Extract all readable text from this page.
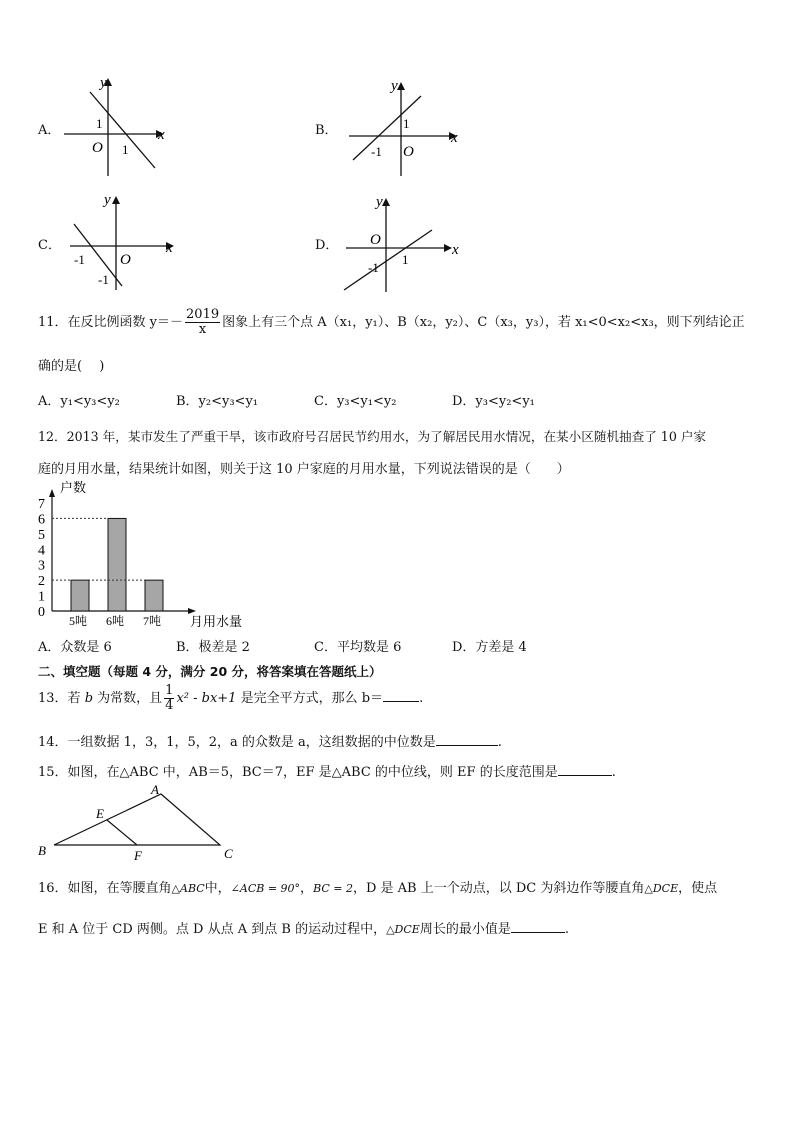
A．
y
x
O
1
1
B．
y
x
O
1
-1
C．
y
x
O
-1
-1
D．
y
x
O
1
-1
11．在反比例函数 $y=- \frac{2019}{x}$ 图象上有三个点 A（x₁，y₁）、B（x₂，y₂）、C（x₃，y₃），若 x₁<0<x₂<x₃，则下列结论正
确的是(　 )
A．y₁<y₃<y₂	B．y₂<y₃<y₁	C．y₃<y₁<y₂	D．y₃<y₂<y₁
12．2013 年，某市发生了严重干旱，该市政府号召居民节约用水，为了解居民用水情况，在某小区随机抽查了 10 户家
庭的月用水量，结果统计如图，则关于这 10 户家庭的月用水量，下列说法错误的是（　　）
0
1
2
3
4
5
6
7
户数
月用水量
5吨 6吨 7吨
A．众数是 6	B．极差是 2	C．平均数是 6	D．方差是 4
二、填空题（每题 4 分，满分 20 分，将答案填在答题纸上）
13．若 b 为常数，且 $\frac{1}{4} x^2 - bx+1$ 是完全平方式，那么 b＝	.
14．一组数据 1，3，1，5，2，a 的众数是 a，这组数据的中位数是	.
15．如图，在△ABC 中，AB＝5，BC＝7，EF 是△ABC 的中位线，则 EF 的长度范围是	.
A
B	C
E
F
16．如图，在等腰直角△ABC中，∠ACB = 90°，BC = 2，D 是 AB 上一个动点，以 DC 为斜边作等腰直角△DCE，使点
E 和 A 位于 CD 两侧。点 D 从点 A 到点 B 的运动过程中，△DCE周长的最小值是	.
